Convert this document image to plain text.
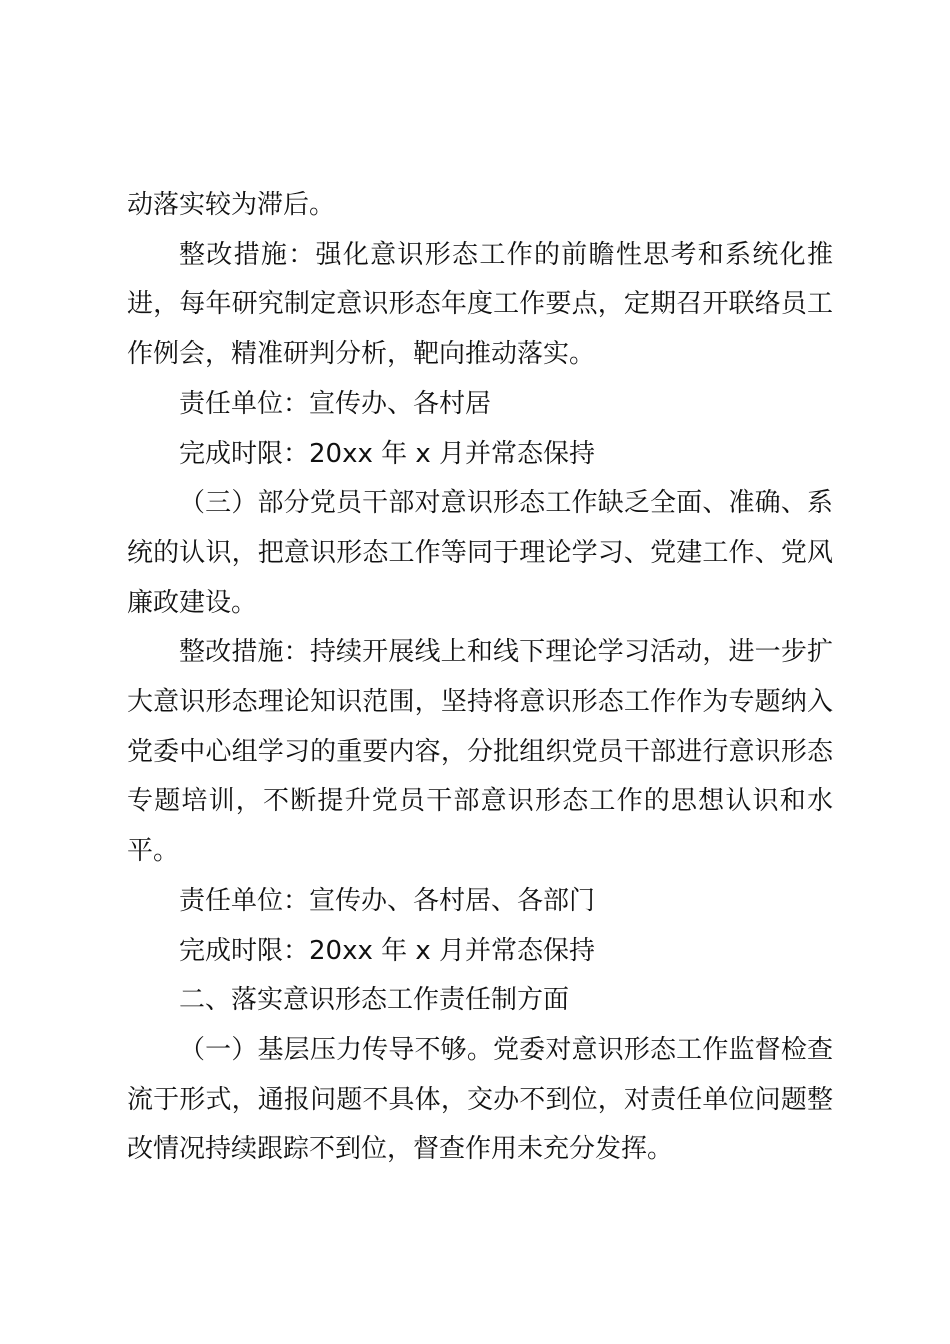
动落实较为滞后。

整改措施：强化意识形态工作的前瞻性思考和系统化推进，每年研究制定意识形态年度工作要点，定期召开联络员工作例会，精准研判分析，靶向推动落实。

责任单位：宣传办、各村居

完成时限：20xx 年 x 月并常态保持

（三）部分党员干部对意识形态工作缺乏全面、准确、系统的认识，把意识形态工作等同于理论学习、党建工作、党风廉政建设。

整改措施：持续开展线上和线下理论学习活动，进一步扩大意识形态理论知识范围，坚持将意识形态工作作为专题纳入党委中心组学习的重要内容，分批组织党员干部进行意识形态专题培训，不断提升党员干部意识形态工作的思想认识和水平。

责任单位：宣传办、各村居、各部门

完成时限：20xx 年 x 月并常态保持

二、落实意识形态工作责任制方面

（一）基层压力传导不够。党委对意识形态工作监督检查流于形式，通报问题不具体，交办不到位，对责任单位问题整改情况持续跟踪不到位，督查作用未充分发挥。
